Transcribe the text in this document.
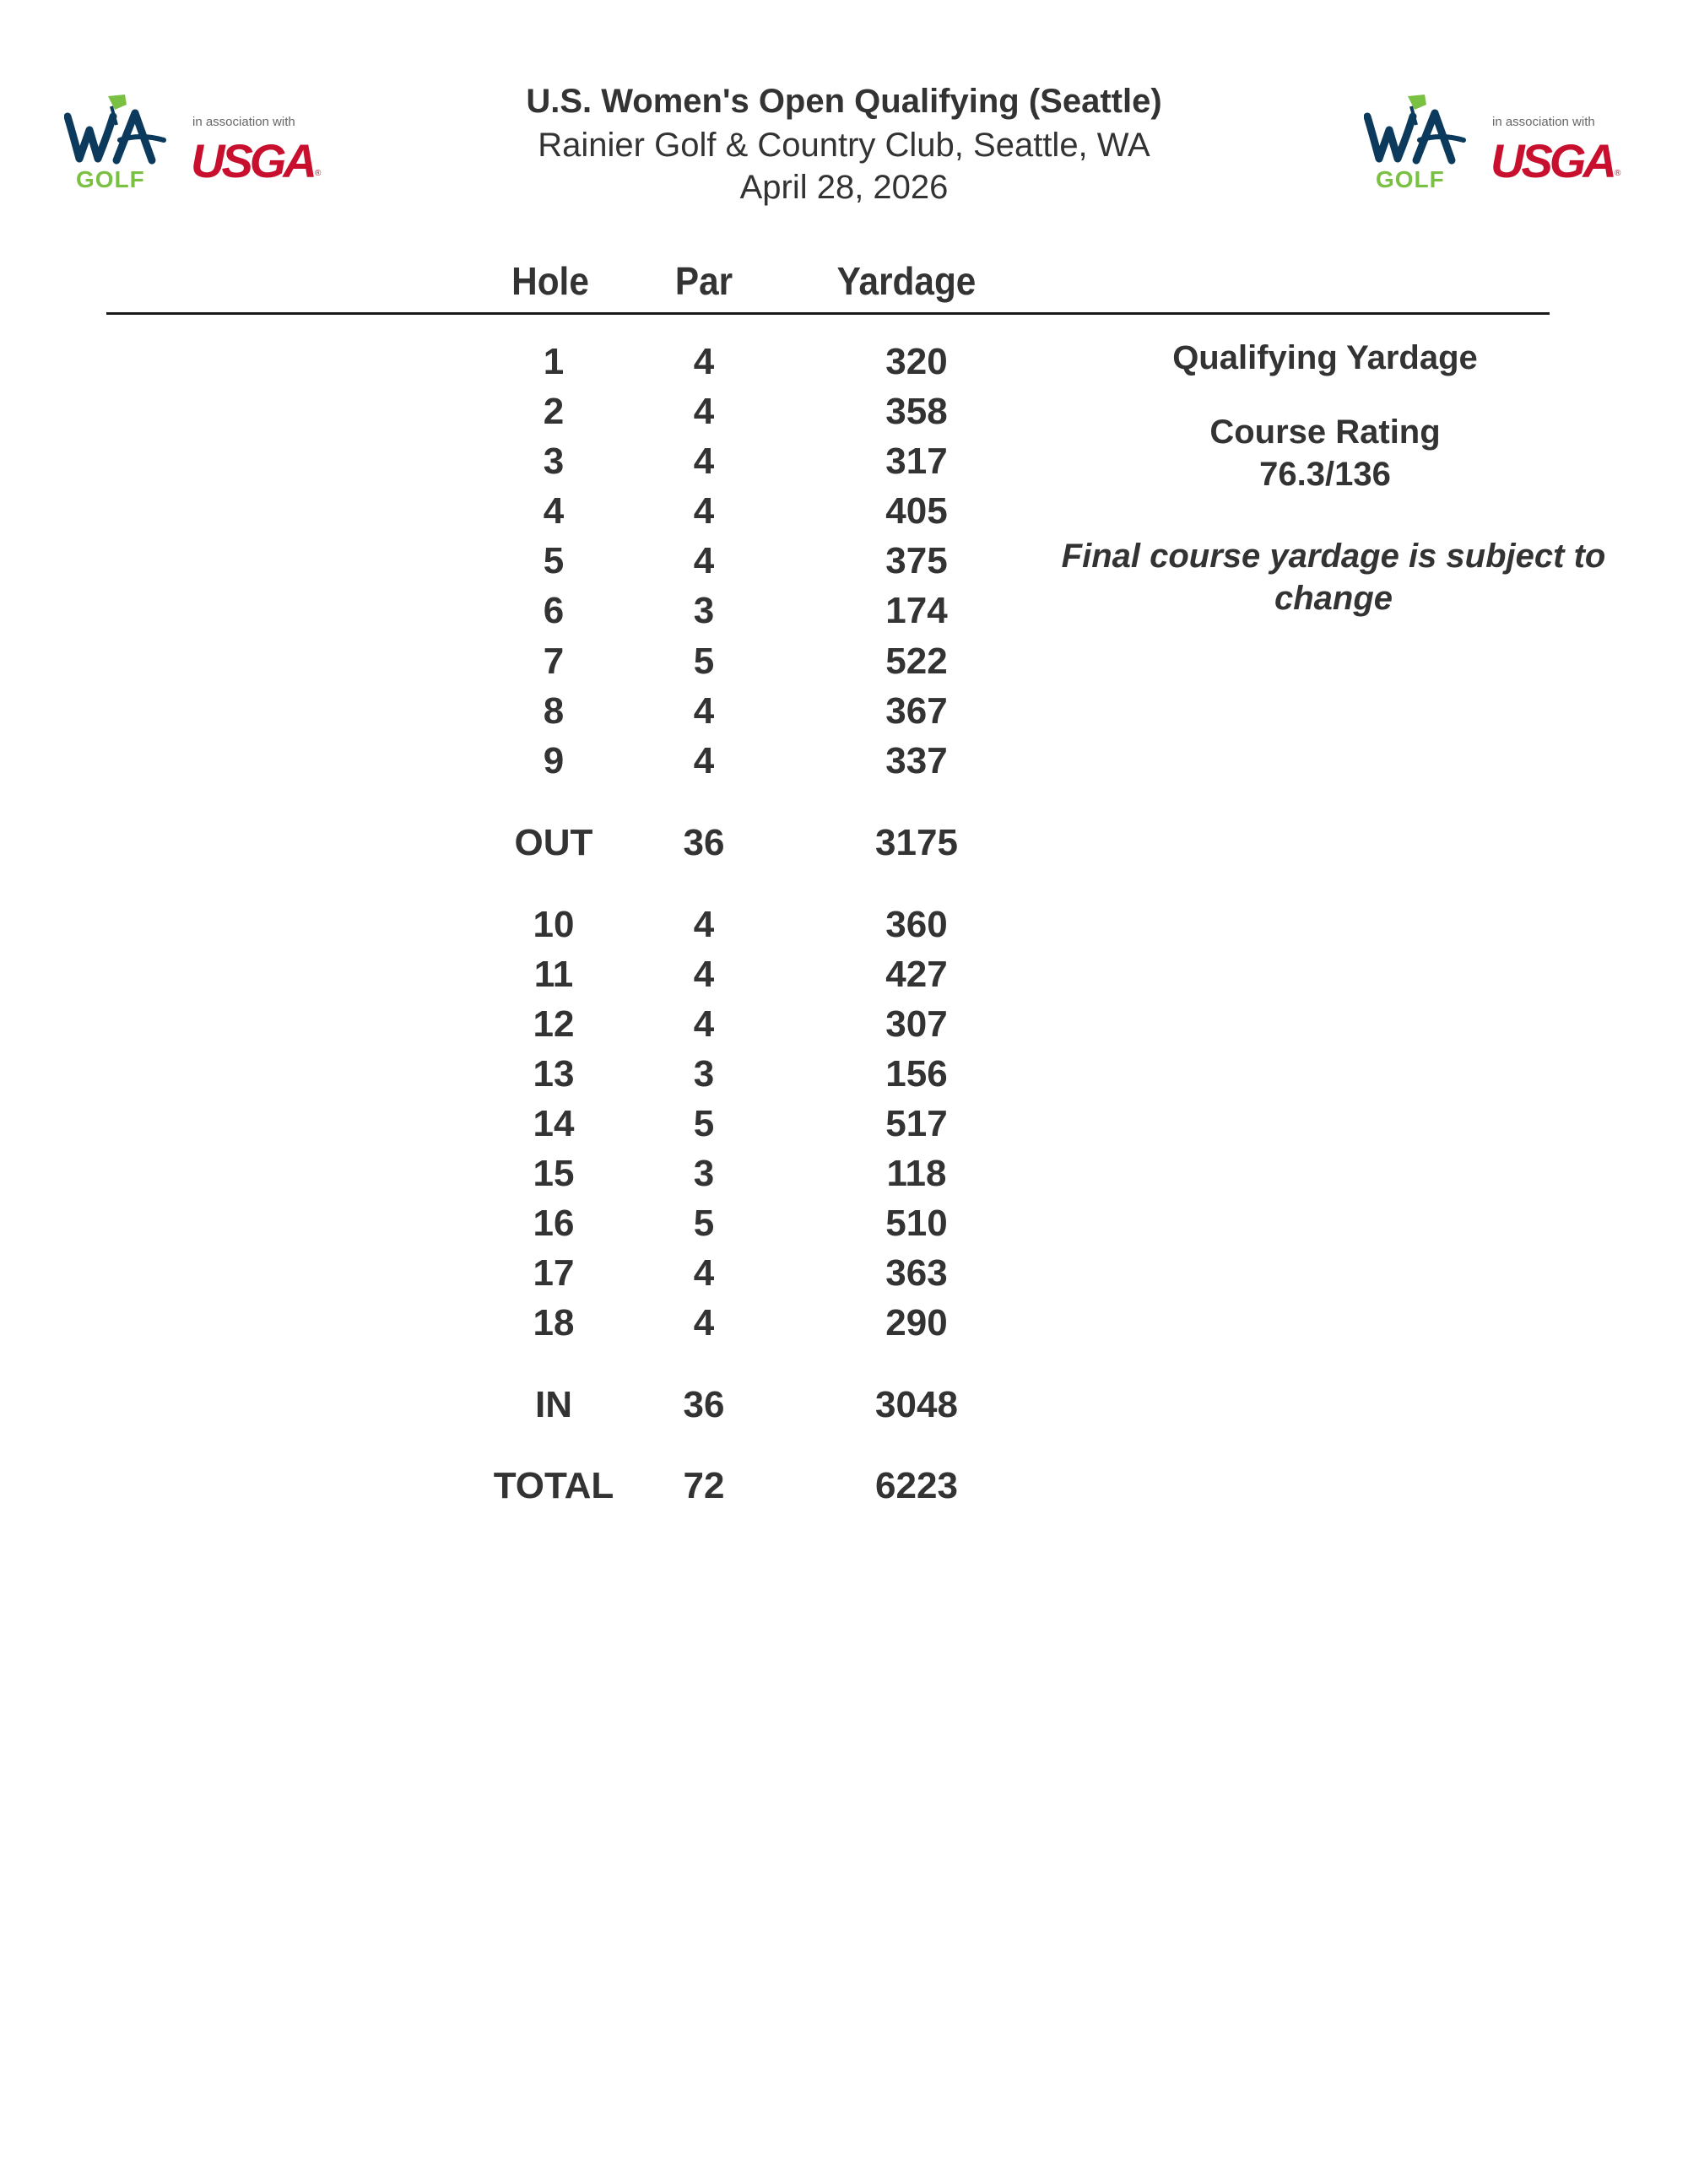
U.S. Women's Open Qualifying (Seattle)
Rainier Golf & Country Club, Seattle, WA
April 28, 2026
GOLF
in association with
USGA ®	GOLF
in association with
USGA ®
Hole	Par	Yardage
1	4	320
2	4	358
3	4	317
4	4	405
5	4	375
6	3	174
7	5	522
8	4	367
9	4	337
OUT	36	3175
10	4	360
11	4	427
12	4	307
13	3	156
14	5	517
15	3	118
16	5	510
17	4	363
18	4	290
IN	36	3048
TOTAL	72	6223
Qualifying Yardage
Course Rating
76.3/136
Final course yardage is subject to change
